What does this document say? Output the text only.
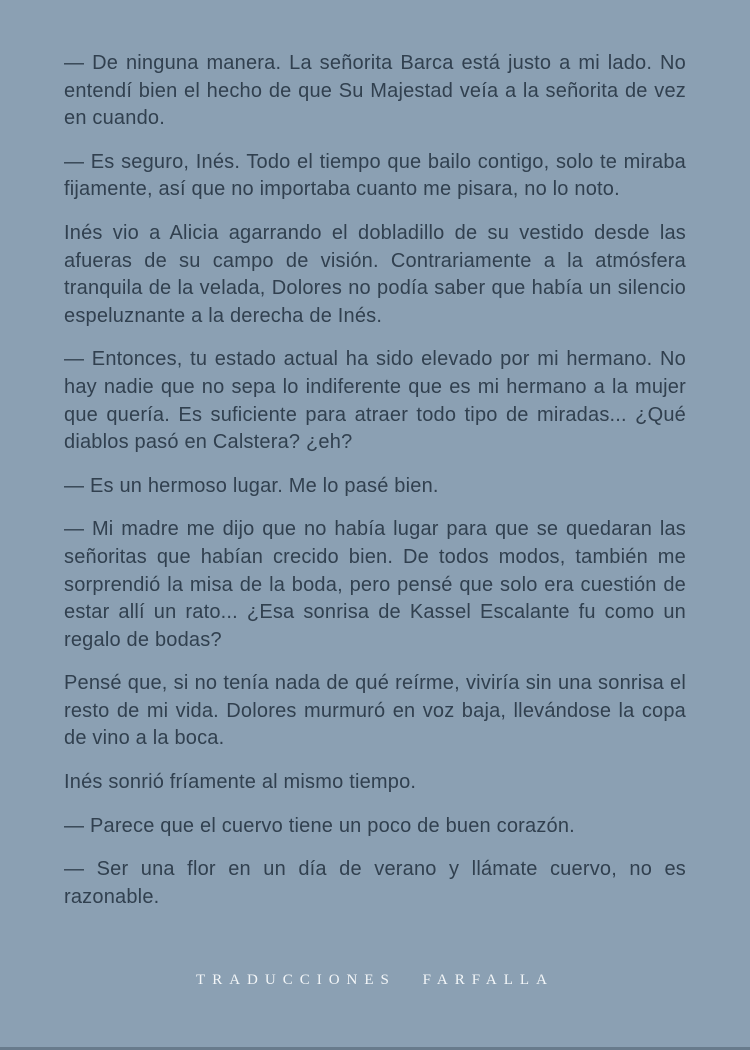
— De ninguna manera. La señorita Barca está justo a mi lado. No entendí bien el hecho de que Su Majestad veía a la señorita de vez en cuando.

— Es seguro, Inés. Todo el tiempo que bailo contigo, solo te miraba fijamente, así que no importaba cuanto me pisara, no lo noto.

Inés vio a Alicia agarrando el dobladillo de su vestido desde las afueras de su campo de visión. Contrariamente a la atmósfera tranquila de la velada, Dolores no podía saber que había un silencio espeluznante a la derecha de Inés.

— Entonces, tu estado actual ha sido elevado por mi hermano. No hay nadie que no sepa lo indiferente que es mi hermano a la mujer que quería. Es suficiente para atraer todo tipo de miradas... ¿Qué diablos pasó en Calstera? ¿eh?

— Es un hermoso lugar. Me lo pasé bien.

— Mi madre me dijo que no había lugar para que se quedaran las señoritas que habían crecido bien. De todos modos, también me sorprendió la misa de la boda, pero pensé que solo era cuestión de estar allí un rato... ¿Esa sonrisa de Kassel Escalante fu como un regalo de bodas?

Pensé que, si no tenía nada de qué reírme, viviría sin una sonrisa el resto de mi vida. Dolores murmuró en voz baja, llevándose la copa de vino a la boca.

Inés sonrió fríamente al mismo tiempo.

— Parece que el cuervo tiene un poco de buen corazón.

— Ser una flor en un día de verano y llámate cuervo, no es razonable.

TRADUCCIONES FARFALLA
